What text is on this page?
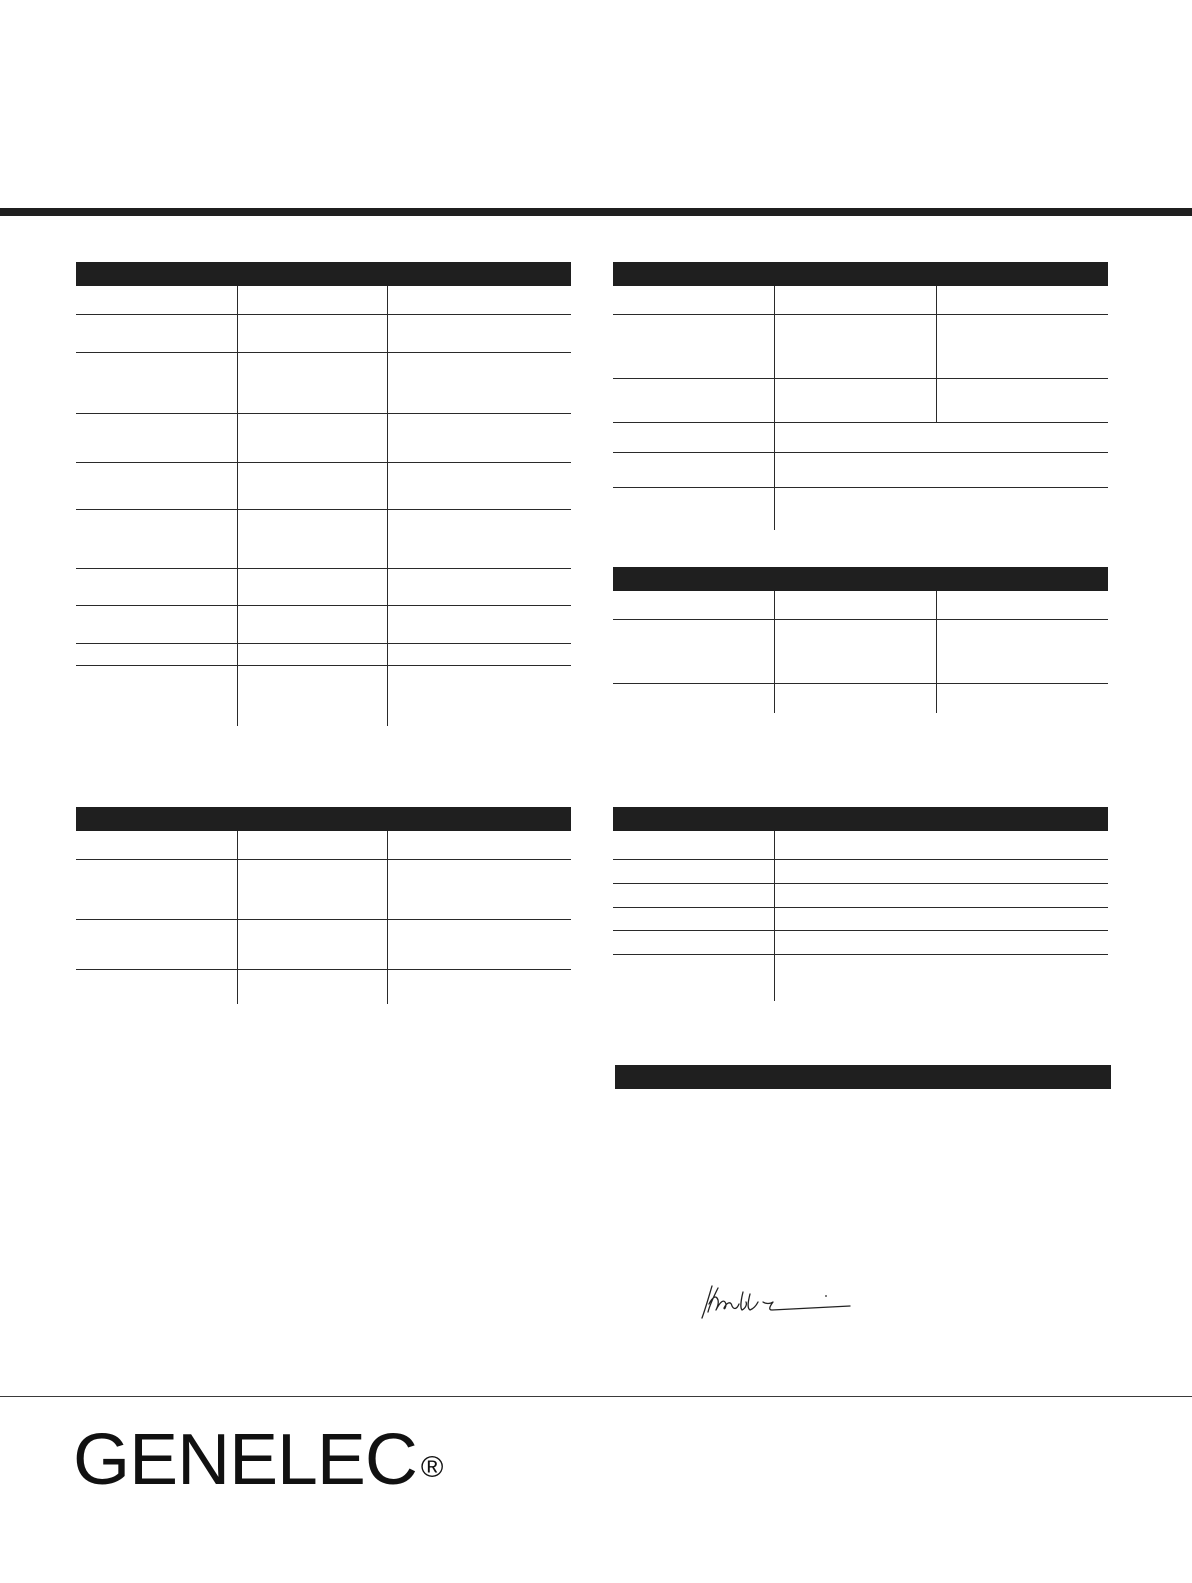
GENELEC ®
